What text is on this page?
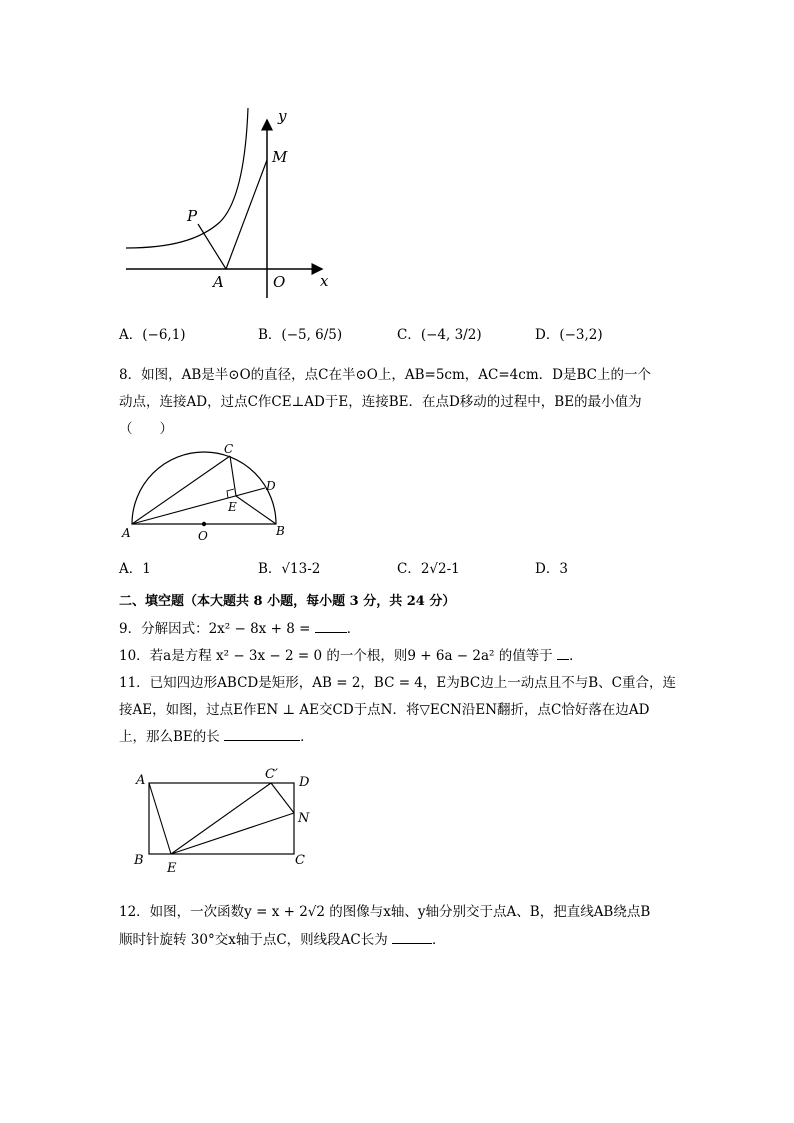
y
M
P
A	O x
A．(−6,1)	B．(−5, 6/5)	C．(−4, 3/2)	D．(−3,2)
8．如图，AB是半⊙O的直径，点C在半⊙O上，AB=5cm，AC=4cm．D是BC上的一个
动点，连接AD，过点C作CE⊥AD于E，连接BE．在点D移动的过程中，BE的最小值为
（　　）
C
D
E
A	O	B
A．1	B．√13-2	C．2√2-1	D．3
二、填空题（本大题共 8 小题，每小题 3 分，共 24 分）
9．分解因式：2x² − 8x + 8 =	．
10．若a是方程 x² − 3x − 2 = 0 的一个根，则9 + 6a − 2a² 的值等于 ．
11．已知四边形ABCD是矩形，AB = 2，BC = 4，E为BC边上一动点且不与B、C重合，连
接AE，如图，过点E作EN ⊥ AE交CD于点N．将▽ECN沿EN翻折，点C恰好落在边AD
上，那么BE的长	．
A	C′
D
N
B
E
C
12．如图，一次函数y = x + 2√2 的图像与x轴、y轴分别交于点A、B，把直线AB绕点B
顺时针旋转 30°交x轴于点C，则线段AC长为	．
